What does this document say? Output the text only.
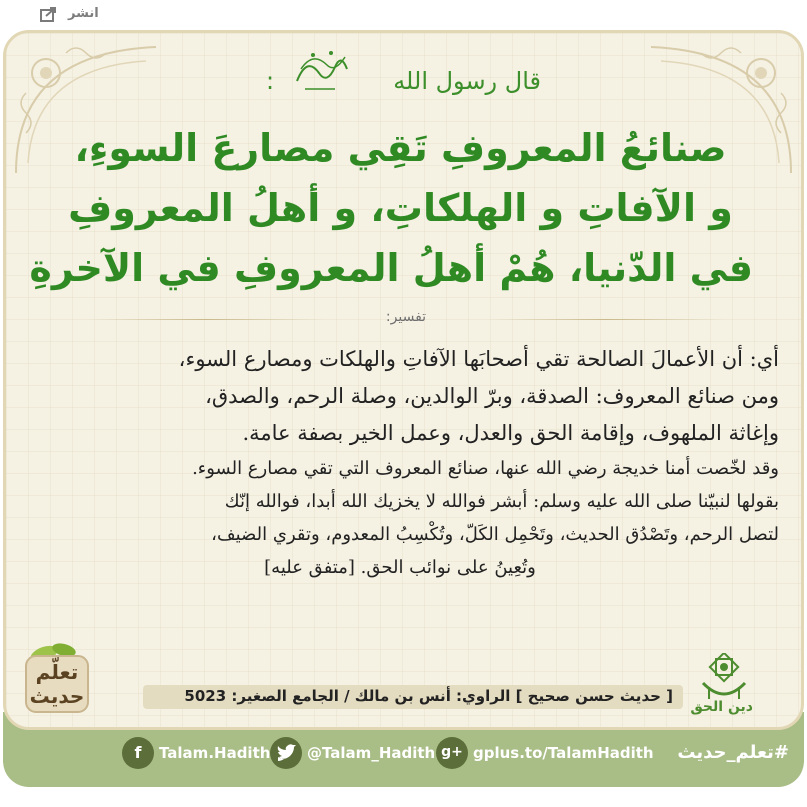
انشر
قال رسول الله
:
صنائعُ المعروفِ تَقِي مصارعَ السوءِ،
و الآفاتِ و الهلكاتِ، و أهلُ المعروفِ
في الدّنيا، هُمْ أهلُ المعروفِ في الآخرةِ
تفسير:
أي: أن الأعمالَ الصالحة تقي أصحابَها الآفاتِ والهلكات ومصارع السوء،
ومن صنائع المعروف: الصدقة، وبرّ الوالدين، وصلة الرحم، والصدق،
وإغاثة الملهوف، وإقامة الحق والعدل، وعمل الخير بصفة عامة.
وقد لخّصت أمنا خديجة رضي الله عنها، صنائع المعروف التي تقي مصارع السوء.
بقولها لنبيّنا صلى الله عليه وسلم: أبشر فوالله لا يخزيك الله أبدا، فوالله إنّك
لتصل الرحم، وتَصْدُق الحديث، وتَحْمِل الكَلّ، وتُكْسِبُ المعدوم، وتقري الضيف،
وتُعِينُ على نوائب الحق. [متفق عليه]
[ حديث حسن صحيح ] الراوي: أنس بن مالك / الجامع الصغير: 5023
دين الحق
تعلّم
حديث
#تعلم_حديث
f	Talam.Hadith @Talam_Hadith g+ gplus.to/TalamHadith
